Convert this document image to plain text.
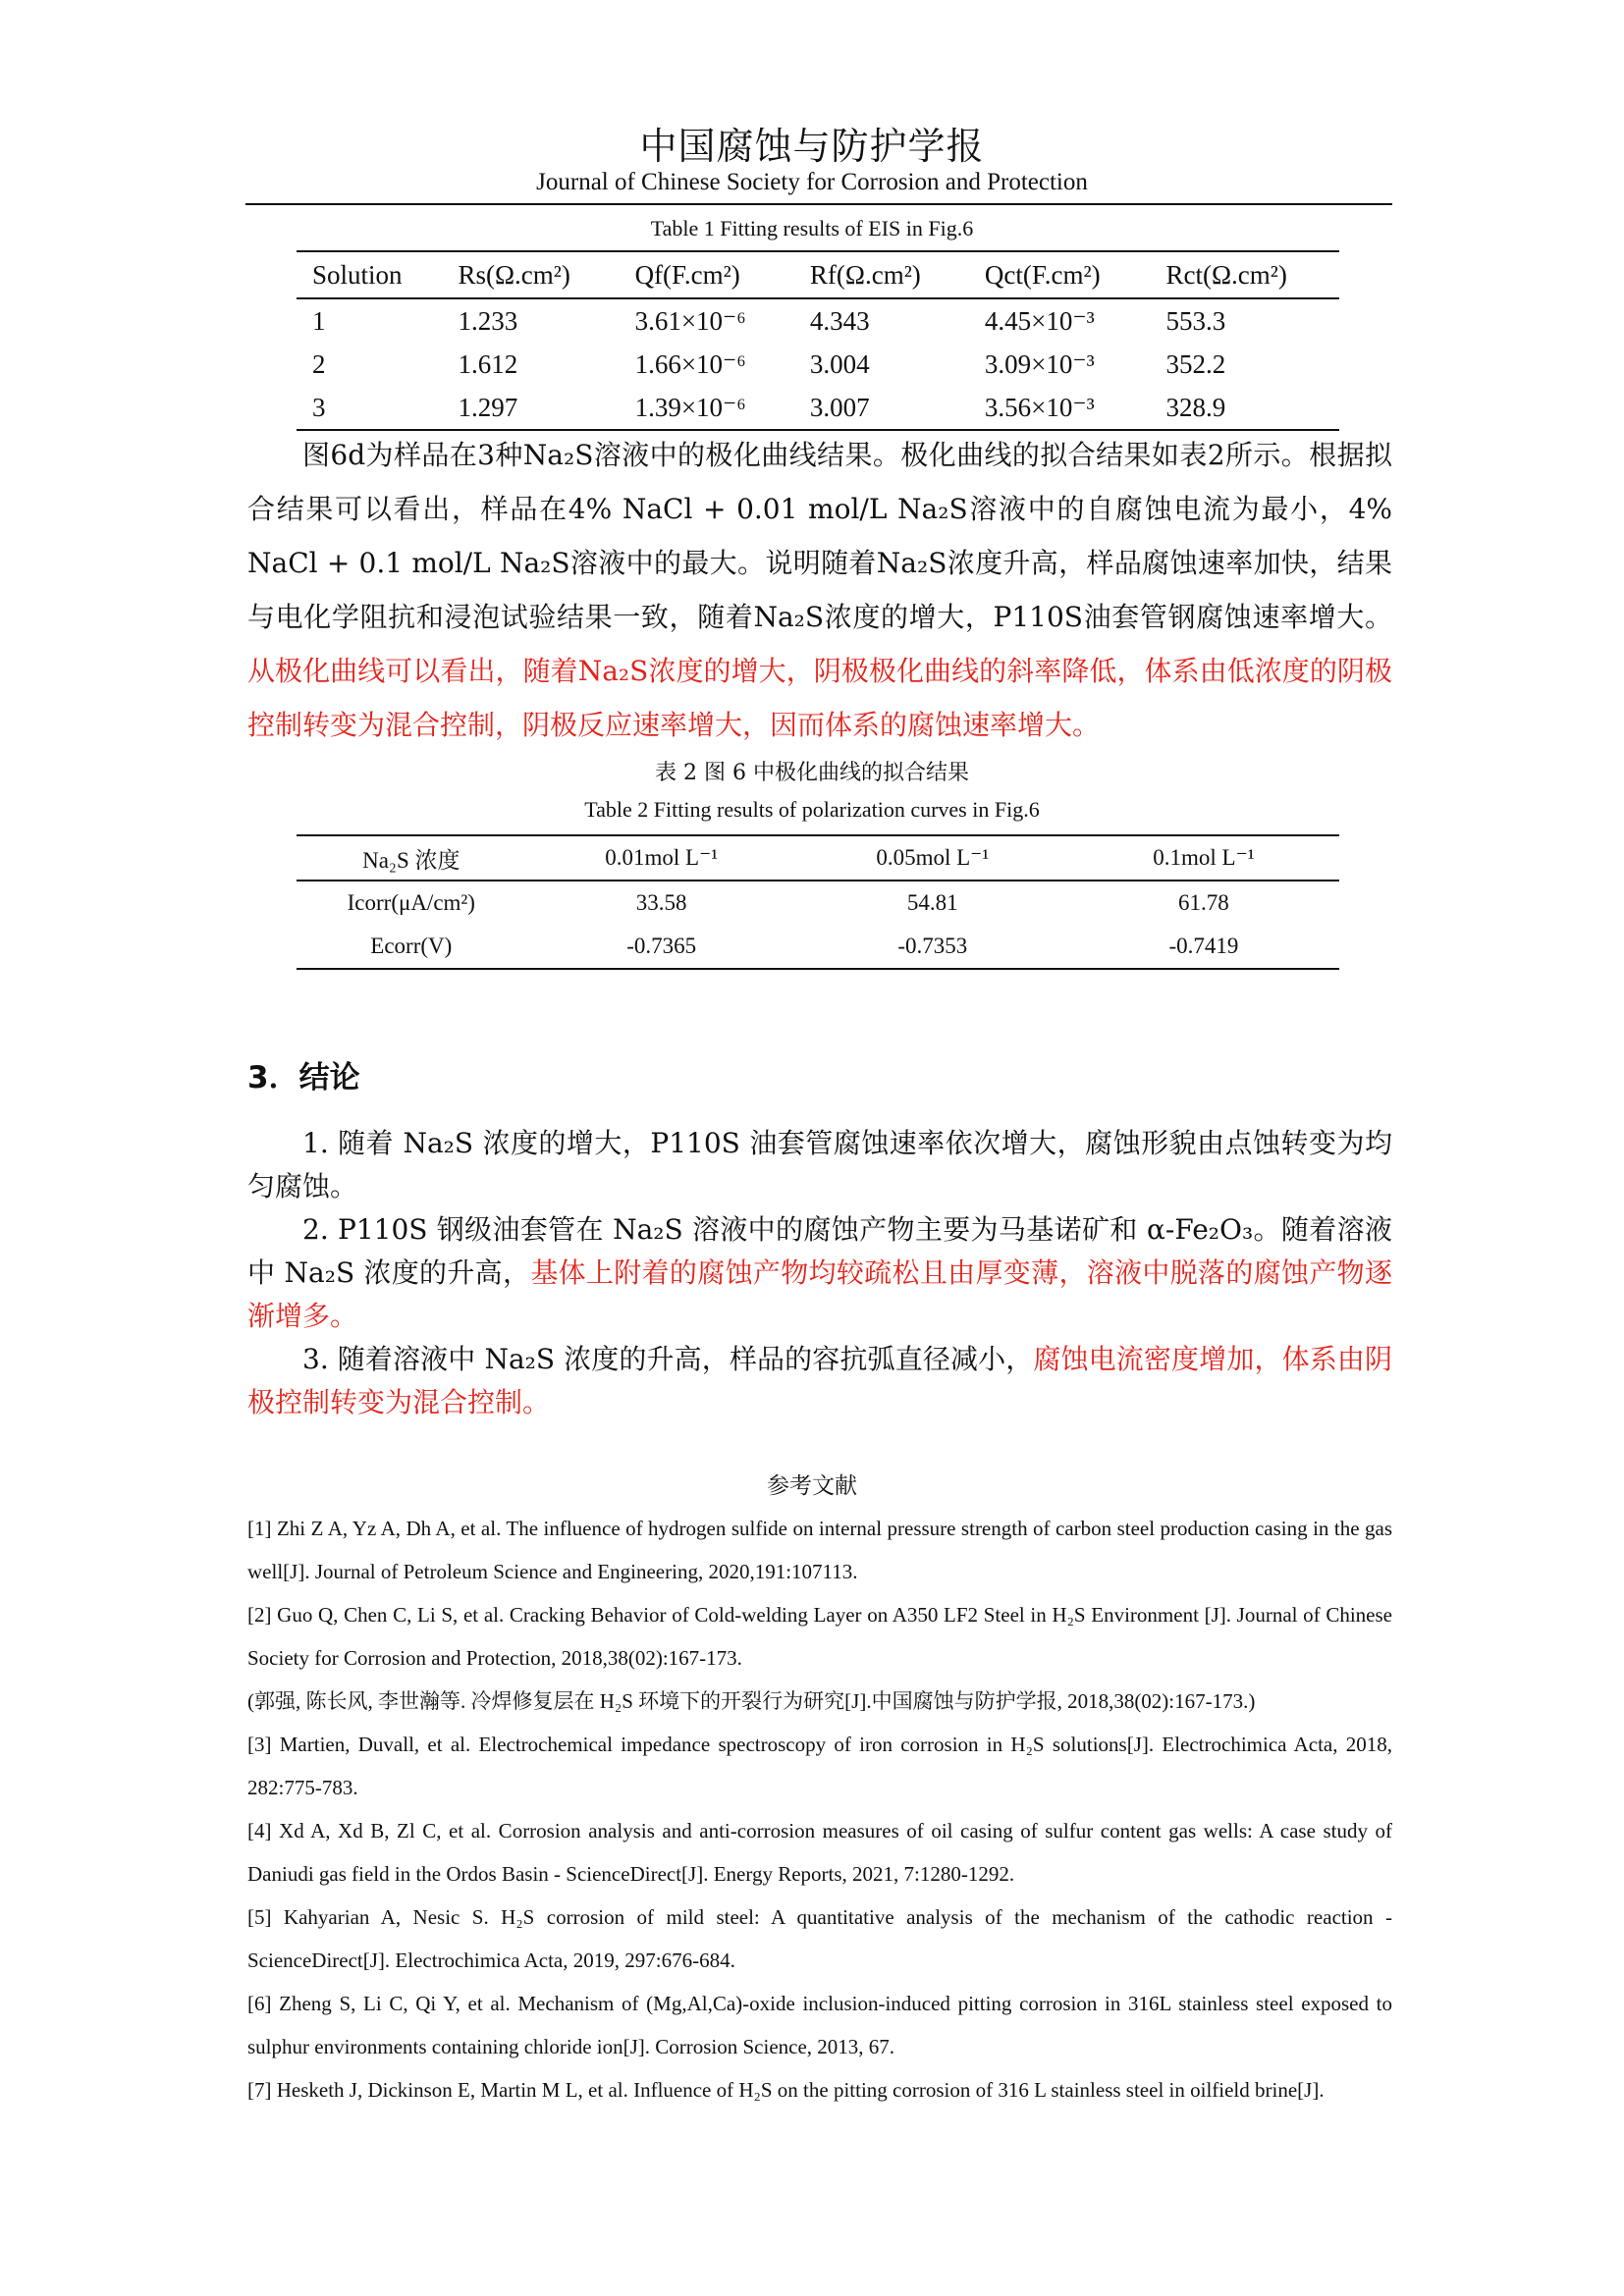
中国腐蚀与防护学报
Journal of Chinese Society for Corrosion and Protection
Table 1 Fitting results of EIS in Fig.6
Solution	Rs(Ω.cm²)	Qf(F.cm²)	Rf(Ω.cm²)	Qct(F.cm²)	Rct(Ω.cm²)
1	1.233	3.61×10⁻⁶	4.343	4.45×10⁻³	553.3
2	1.612	1.66×10⁻⁶	3.004	3.09×10⁻³	352.2
3	1.297	1.39×10⁻⁶	3.007	3.56×10⁻³	328.9

图6d为样品在3种Na₂S溶液中的极化曲线结果。极化曲线的拟合结果如表2所示。根据拟合结果可以看出，样品在4% NaCl + 0.01 mol/L Na₂S溶液中的自腐蚀电流为最小，4% NaCl + 0.1 mol/L Na₂S溶液中的最大。说明随着Na₂S浓度升高，样品腐蚀速率加快，结果与电化学阻抗和浸泡试验结果一致，随着Na₂S浓度的增大，P110S油套管钢腐蚀速率增大。从极化曲线可以看出，随着Na₂S浓度的增大，阴极极化曲线的斜率降低，体系由低浓度的阴极控制转变为混合控制，阴极反应速率增大，因而体系的腐蚀速率增大。

表 2 图 6 中极化曲线的拟合结果
Table 2 Fitting results of polarization curves in Fig.6
Na₂S 浓度	0.01mol L⁻¹	0.05mol L⁻¹	0.1mol L⁻¹
Icorr(μA/cm²)	33.58	54.81	61.78
Ecorr(V)	-0.7365	-0.7353	-0.7419
3．结论

1. 随着 Na₂S 浓度的增大，P110S 油套管腐蚀速率依次增大，腐蚀形貌由点蚀转变为均匀腐蚀。

2. P110S 钢级油套管在 Na₂S 溶液中的腐蚀产物主要为马基诺矿和 α-Fe₂O₃。随着溶液中 Na₂S 浓度的升高，基体上附着的腐蚀产物均较疏松且由厚变薄，溶液中脱落的腐蚀产物逐渐增多。

3. 随着溶液中 Na₂S 浓度的升高，样品的容抗弧直径减小，腐蚀电流密度增加，体系由阴极控制转变为混合控制。

参考文献

[1] Zhi Z A, Yz A, Dh A, et al. The influence of hydrogen sulfide on internal pressure strength of carbon steel production casing in the gas well[J]. Journal of Petroleum Science and Engineering, 2020,191:107113.

[2] Guo Q, Chen C, Li S, et al. Cracking Behavior of Cold-welding Layer on A350 LF2 Steel in H₂S Environment [J]. Journal of Chinese Society for Corrosion and Protection, 2018,38(02):167-173.

(郭强, 陈长风, 李世瀚等. 冷焊修复层在 H₂S 环境下的开裂行为研究[J].中国腐蚀与防护学报, 2018,38(02):167-173.)

[3] Martien, Duvall, et al. Electrochemical impedance spectroscopy of iron corrosion in H₂S solutions[J]. Electrochimica Acta, 2018, 282:775-783.

[4] Xd A, Xd B, Zl C, et al. Corrosion analysis and anti-corrosion measures of oil casing of sulfur content gas wells: A case study of Daniudi gas field in the Ordos Basin - ScienceDirect[J]. Energy Reports, 2021, 7:1280-1292.

[5] Kahyarian A, Nesic S. H₂S corrosion of mild steel: A quantitative analysis of the mechanism of the cathodic reaction - ScienceDirect[J]. Electrochimica Acta, 2019, 297:676-684.

[6] Zheng S, Li C, Qi Y, et al. Mechanism of (Mg,Al,Ca)-oxide inclusion-induced pitting corrosion in 316L stainless steel exposed to sulphur environments containing chloride ion[J]. Corrosion Science, 2013, 67.

[7] Hesketh J, Dickinson E, Martin M L, et al. Influence of H₂S on the pitting corrosion of 316 L stainless steel in oilfield brine[J].
